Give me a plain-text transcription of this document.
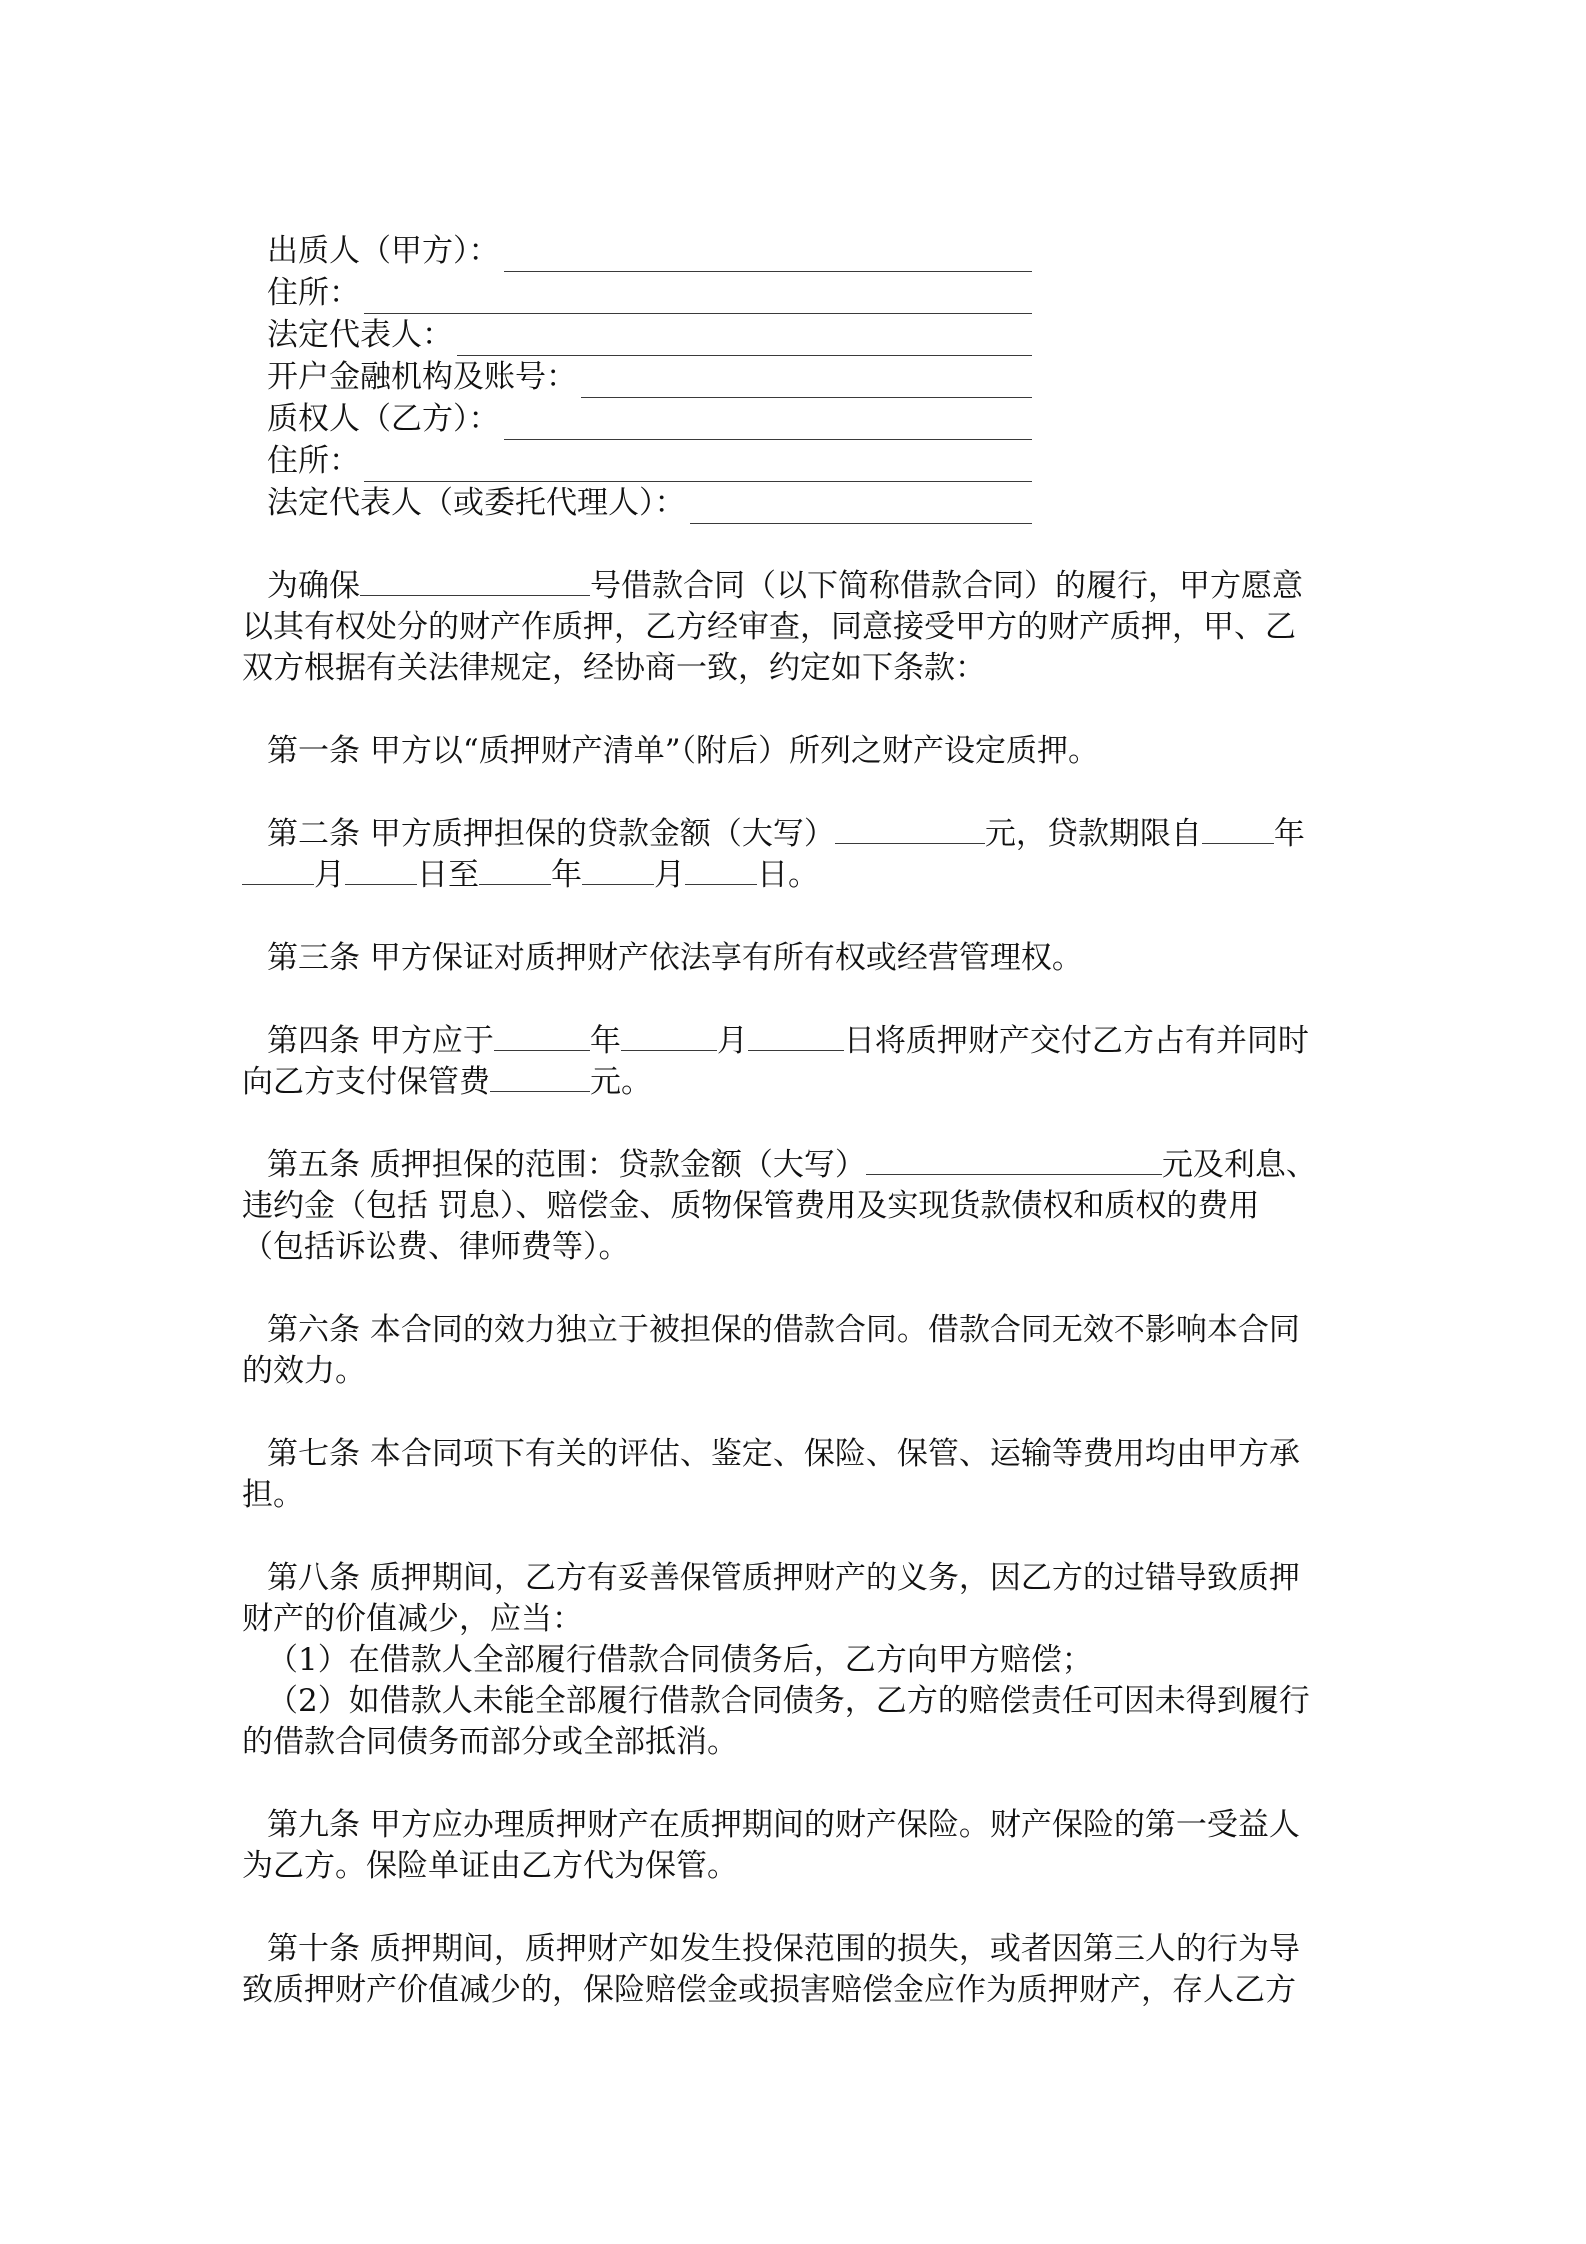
出质人（甲方）：
住所：
法定代表人：
开户金融机构及账号：
质权人（乙方）：
住所：
法定代表人（或委托代理人）：

为确保	号借款合同（以下简称借款合同）的履行，甲方愿意

以其有权处分的财产作质押，乙方经审查，同意接受甲方的财产质押，甲、乙

双方根据有关法律规定，经协商一致，约定如下条款：

第一条 甲方以“质押财产清单”（附后）所列之财产设定质押。

第二条 甲方质押担保的贷款金额（大写）	元，贷款期限自 年

月 日至 年 月 日。

第三条 甲方保证对质押财产依法享有所有权或经营管理权。

第四条 甲方应于	年	月	日将质押财产交付乙方占有并同时

向乙方支付保管费	元。

第五条 质押担保的范围：贷款金额（大写）	元及利息、

违约金（包括 罚息）、赔偿金、质物保管费用及实现货款债权和质权的费用

（包括诉讼费、律师费等）。

第六条 本合同的效力独立于被担保的借款合同。借款合同无效不影响本合同

的效力。

第七条 本合同项下有关的评估、鉴定、保险、保管、运输等费用均由甲方承

担。

第八条 质押期间，乙方有妥善保管质押财产的义务，因乙方的过错导致质押

财产的价值减少，应当：

（1）在借款人全部履行借款合同债务后，乙方向甲方赔偿；

（2）如借款人未能全部履行借款合同债务，乙方的赔偿责任可因未得到履行

的借款合同债务而部分或全部抵消。

第九条 甲方应办理质押财产在质押期间的财产保险。财产保险的第一受益人

为乙方。保险单证由乙方代为保管。

第十条 质押期间，质押财产如发生投保范围的损失，或者因第三人的行为导

致质押财产价值减少的，保险赔偿金或损害赔偿金应作为质押财产，存人乙方
